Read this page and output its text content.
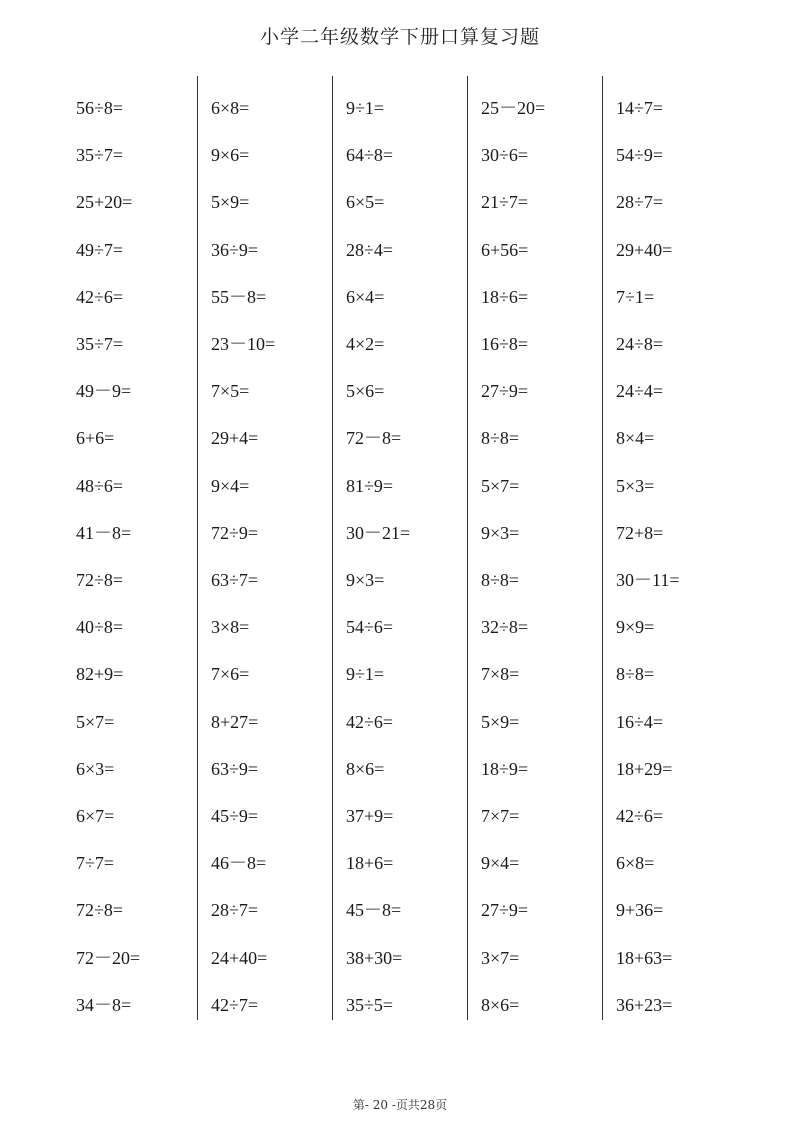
小学二年级数学下册口算复习题
56÷8=
35÷7=
25+20=
49÷7=
42÷6=
35÷7=
49－9=
6+6=
48÷6=
41－8=
72÷8=
40÷8=
82+9=
5×7=
6×3=
6×7=
7÷7=
72÷8=
72－20=
34－8=
6×8=
9×6=
5×9=
36÷9=
55－8=
23－10=
7×5=
29+4=
9×4=
72÷9=
63÷7=
3×8=
7×6=
8+27=
63÷9=
45÷9=
46－8=
28÷7=
24+40=
42÷7=
9÷1=
64÷8=
6×5=
28÷4=
6×4=
4×2=
5×6=
72－8=
81÷9=
30－21=
9×3=
54÷6=
9÷1=
42÷6=
8×6=
37+9=
18+6=
45－8=
38+30=
35÷5=
25－20=
30÷6=
21÷7=
6+56=
18÷6=
16÷8=
27÷9=
8÷8=
5×7=
9×3=
8÷8=
32÷8=
7×8=
5×9=
18÷9=
7×7=
9×4=
27÷9=
3×7=
8×6=
14÷7=
54÷9=
28÷7=
29+40=
7÷1=
24÷8=
24÷4=
8×4=
5×3=
72+8=
30－11=
9×9=
8÷8=
16÷4=
18+29=
42÷6=
6×8=
9+36=
18+63=
36+23=
第- 20 -页共28页
